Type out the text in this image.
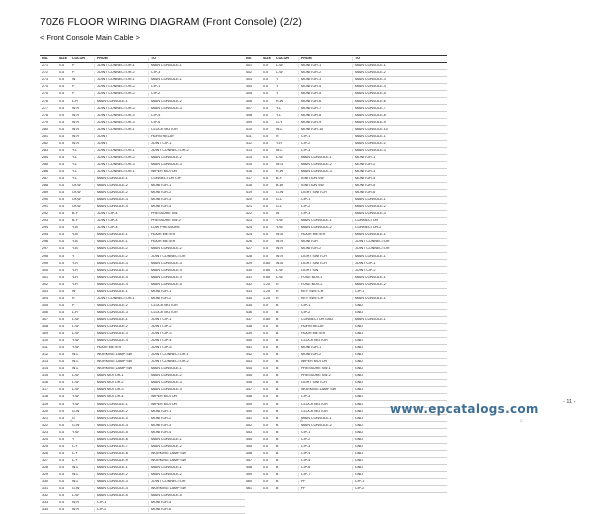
70Z6 FLOOR WIRING DIAGRAM (Front Console) (2/2)
< Front Console Main Cable >
No.	SIZE	COLOR	FROM	TO
271	0.5	P	JOINT CONNECTOR-1	MAIN CONSOLE-1
272	0.5	P	JOINT CONNECTOR-2	CIP-3
273	0.5	W	JOINT CONNECTOR-1	MAIN CONSOLE-1
274	0.5	P	JOINT CONNECTOR-2	CIP-1
275	0.5	P	JOINT CONNECTOR-2	CIP-2
276	0.5	L-R	MAIN CONSOLE-1	MAIN CONSOLE-2
277	0.5	W-R	JOINT CONNECTOR-2	MAIN CONSOLE-3
278	0.5	W-R	JOINT CONNECTOR-3	CIP-5
279	0.5	W-R	JOINT CONNECTOR-3	CIP-6
280	0.5	W-R	JOINT CONNECTOR-1	CLOCK MOTOR
281	0.5	W-R	JOINT	HORN RELAY
282	0.5	W-R	JOINT	JOINT CIP-1
283	0.5	Y-L	JOINT CONNECTOR-1	JOINT CONNECTOR-2
284	0.5	Y-L	JOINT CONNECTOR-2	MAIN CONSOLE-2
285	0.5	Y-L	JOINT CONNECTOR-3	MAIN CONSOLE-3
286	0.5	Y-L	JOINT CONNECTOR-1	WIPER MOTOR
287	0.5	Y-L	MAIN CONSOLE-1	CONNECTOR CIP
288	0.5	Or-W	MAIN CONSOLE-2	MONITOR-1
289	0.5	Or-W	MAIN CONSOLE-2	MONITOR-2
290	0.5	Or-W	MAIN CONSOLE-3	MONITOR-3
291	0.5	Or-W	MAIN CONSOLE-4	MONITOR-4
292	0.5	B-Y	JOINT CIP-4	PRESSURE SW
293	0.5	B-Y	JOINT CIP-4	PRESSURE SW-2
294	0.5	Y-B	JOINT CIP-4	LOW PRESSURE
295	0.5	Y-B	MAIN CONSOLE-1	HOUR METER
296	0.5	Y-B	MAIN CONSOLE-1	HOUR METER
297	0.5	Y-B	MAIN CONSOLE-2	MAIN CONSOLE-2
298	0.5	Y	MAIN CONSOLE-2	JOINT CONNECTOR
299	0.5	Y-R	MAIN CONSOLE-3	MAIN CONSOLE-3
300	0.5	Y-R	MAIN CONSOLE-3	MAIN CONSOLE-4
301	0.5	Y-R	MAIN CONSOLE-4	MAIN CONSOLE-4
302	0.5	Y-R	MAIN CONSOLE-4	MAIN CONSOLE-5
303	0.5	W	MAIN CONSOLE-1	MONITOR-1
304	0.5	R	JOINT CONNECTOR-1	MONITOR-2
305	0.5	P	MAIN CONSOLE-2	CLOCK MOTOR
306	0.5	L-R	MAIN CONSOLE-3	CLOCK MOTOR
307	0.5	L-W	MAIN CONSOLE-1	JOINT CIP-1
308	0.5	L-W	MAIN CONSOLE-2	JOINT CIP-2
309	0.5	L-W	MAIN CONSOLE-3	JOINT CIP-3
310	0.5	Y-W	MAIN CONSOLE-4	JOINT CIP-4
311	0.5	Y-W	HOUR METER	JOINT CIP-5
312	0.5	W-L	WORKING LAMP SW	JOINT CONNECTOR-1
313	0.5	W-L	WORKING LAMP SW	JOINT CONNECTOR-2
314	0.5	W-L	WORKING LAMP SW	MAIN CONSOLE-1
315	0.5	L-W	MAIN MOTOR-1	MAIN CONSOLE-2
316	0.5	L-W	MAIN MOTOR-2	MAIN CONSOLE-3
317	0.5	L-W	MAIN MOTOR-3	MAIN CONSOLE-4
318	0.5	Y-W	MAIN MOTOR-4	WIPER MOTOR
319	0.5	Y-W	MAIN CONSOLE-1	WIPER MOTOR
320	0.5	G-W	MAIN CONSOLE-2	MONITOR-1
321	0.5	G	MAIN CONSOLE-3	MONITOR-2
322	0.5	G-W	MAIN CONSOLE-4	MONITOR-3
323	0.5	Y-W	MAIN CONSOLE-5	MONITOR-4
324	0.5	Y	MAIN CONSOLE-6	MAIN CONSOLE-1
325	0.5	L-Y	MAIN CONSOLE-7	MAIN CONSOLE-2
326	0.5	L-Y	MAIN CONSOLE-8	WORKING LAMP SW
327	0.5	L-Y	MAIN CONSOLE-9	WORKING LAMP SW
328	0.5	W-L	MAIN CONSOLE-1	MAIN CONSOLE-1
329	0.5	W-L	MAIN CONSOLE-2	MAIN CONSOLE-2
330	0.5	W-L	MAIN CONSOLE-3	JOINT CONNECTOR
331	0.5	G-W	MAIN CONSOLE-4	WORKING LAMP SW
332	0.5	L-W	MAIN CONSOLE-5	MAIN CONSOLE-5
333	0.5	W-R	CIP-1	MONITOR-5
334	0.5	W-R	CIP-2	MONITOR-6
No.	SIZE	COLOR	FROM	TO
401	0.5	L-W	MONITOR-1	MAIN CONSOLE-1
402	0.5	L-W	MONITOR-2	MAIN CONSOLE-2
403	0.5	Y	MONITOR-3	MAIN CONSOLE-3
404	0.5	Y	MONITOR-4	MAIN CONSOLE-4
405	0.5	Y	MONITOR-5	MAIN CONSOLE-5
406	0.5	R-W	MONITOR-6	MAIN CONSOLE-6
407	0.5	Y-L	MONITOR-7	MAIN CONSOLE-7
408	0.5	Y-L	MONITOR-8	MAIN CONSOLE-8
409	0.5	G-Y	MONITOR-9	MAIN CONSOLE-9
410	0.5	W-L	MONITOR-10	MAIN CONSOLE-10
411	0.5	R	CIP-1	MAIN CONSOLE-1
412	0.5	Y-R	CIP-2	MAIN CONSOLE-2
413	0.5	W-L	CIP-3	MAIN CONSOLE-3
414	0.5	L-W	MAIN CONSOLE-1	MONITOR-1
415	0.5	W-G	MAIN CONSOLE-2	MONITOR-2
416	0.5	R-W	MAIN CONSOLE-3	MONITOR-3
417	0.5	B-Y	IGNITION SW	MONITOR-4
418	0.5	B-W	IGNITION SW	MONITOR-5
419	0.5	G-W	LIGHT SWITCH	MONITOR-6
420	0.5	G-L	CIP-1	MAIN CONSOLE-1
421	0.5	G-L	CIP-2	MAIN CONSOLE-2
422	0.5	W	CIP-3	MAIN CONSOLE-3
423	0.5	Y-W	MAIN CONSOLE-1	CONNECTOR
424	0.5	Y-W	MAIN CONSOLE-2	CONNECTOR-2
425	0.5	W-B	HOUR METER	MAIN CONSOLE-1
426	0.5	W-R	MONITOR	JOINT CONNECTOR
427	0.5	W-R	MONITOR-2	JOINT CONNECTOR
428	0.5	W-R	LIGHT SWITCH	MAIN CONSOLE-1
429	0.85	W-B	LIGHT SWITCH	JOINT CIP-1
430	0.85	L-W	LIGHT SW	JOINT CIP-2
431	0.85	L-W	FUSE BOX-1	MAIN CONSOLE-1
432	1.25	R	FUSE BOX-2	MAIN CONSOLE-2
433	1.25	R	KEY SWITCH	CIP-1
434	1.25	R	KEY SWITCH	MAIN CONSOLE-1
435	0.5	B	CIP-1	GND
436	0.5	B	CIP-2	GND
437	0.85	B	CONNECTOR GND	MAIN CONSOLE-1
438	0.5	B	HORN RELAY	GND
439	0.5	B	HOUR METER	GND
440	0.5	B	CLOCK MOTOR	GND
441	0.5	B	MONITOR-1	GND
442	0.5	B	MONITOR-2	GND
443	0.5	B	WIPER MOTOR	GND
444	0.5	B	PRESSURE SW-1	GND
445	0.5	B	PRESSURE SW-2	GND
446	0.5	B	LIGHT SWITCH	GND
447	0.5	B	WORKING LAMP SW	GND
448	0.5	B	CIP-3	GND
449	0.5	B	CLOCK MOTOR	GND
450	0.5	B	CLOCK MOTOR	GND
451	0.5	B	MAIN CONSOLE-1	GND
452	0.5	B	MAIN CONSOLE-2	GND
453	0.5	B	CIP-1	GND
454	0.5	B	CIP-2	GND
455	0.5	B	CIP-3	GND
456	0.5	B	CIP-4	GND
457	0.5	B	CIP-5	GND
458	0.5	B	CIP-6	GND
459	0.5	B	CIP-7	GND
460	0.5	B	PF	CIP-1
461	0.5	B	PF	CIP-2
www.epcatalogs.com	- 11 -
A	B	C
